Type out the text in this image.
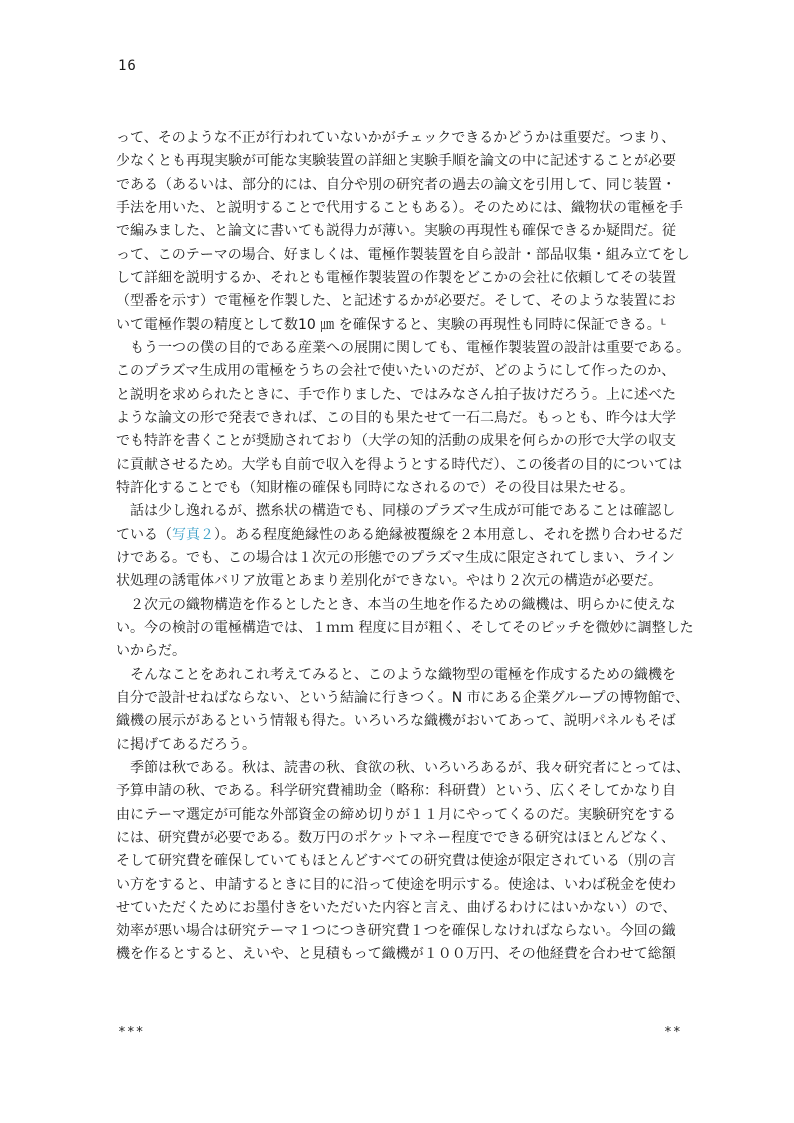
16
って、そのような不正が行われていないかがチェックできるかどうかは重要だ。つまり、
少なくとも再現実験が可能な実験装置の詳細と実験手順を論文の中に記述することが必要
である（あるいは、部分的には、自分や別の研究者の過去の論文を引用して、同じ装置・
手法を用いた、と説明することで代用することもある）。そのためには、織物状の電極を手
で編みました、と論文に書いても説得力が薄い。実験の再現性も確保できるか疑問だ。従
って、このテーマの場合、好ましくは、電極作製装置を自ら設計・部品収集・組み立てをし
して詳細を説明するか、それとも電極作製装置の作製をどこかの会社に依頼してその装置
（型番を示す）で電極を作製した、と記述するかが必要だ。そして、そのような装置にお
いて電極作製の精度として数10 ㎛ を確保すると、実験の再現性も同時に保証できる。ᴸ
　もう一つの僕の目的である産業への展開に関しても、電極作製装置の設計は重要である。
このプラズマ生成用の電極をうちの会社で使いたいのだが、どのようにして作ったのか、
と説明を求められたときに、手で作りました、ではみなさん拍子抜けだろう。上に述べた
ような論文の形で発表できれば、この目的も果たせて一石二鳥だ。もっとも、昨今は大学
でも特許を書くことが奨励されており（大学の知的活動の成果を何らかの形で大学の収支
に貢献させるため。大学も自前で収入を得ようとする時代だ）、この後者の目的については
特許化することでも（知財権の確保も同時になされるので）その役目は果たせる。
　話は少し逸れるが、撚糸状の構造でも、同様のプラズマ生成が可能であることは確認し
ている（写真２）。ある程度絶縁性のある絶縁被覆線を２本用意し、それを撚り合わせるだ
けである。でも、この場合は１次元の形態でのプラズマ生成に限定されてしまい、ライン
状処理の誘電体バリア放電とあまり差別化ができない。やはり２次元の構造が必要だ。
　２次元の織物構造を作るとしたとき、本当の生地を作るための織機は、明らかに使えな
い。今の検討の電極構造では、１ｍｍ 程度に目が粗く、そしてそのピッチを微妙に調整した
いからだ。
　そんなことをあれこれ考えてみると、このような織物型の電極を作成するための織機を
自分で設計せねばならない、という結論に行きつく。N 市にある企業グループの博物館で、
織機の展示があるという情報も得た。いろいろな織機がおいてあって、説明パネルもそば
に掲げてあるだろう。
　季節は秋である。秋は、読書の秋、食欲の秋、いろいろあるが、我々研究者にとっては、
予算申請の秋、である。科学研究費補助金（略称：科研費）という、広くそしてかなり自
由にテーマ選定が可能な外部資金の締め切りが１１月にやってくるのだ。実験研究をする
には、研究費が必要である。数万円のポケットマネー程度でできる研究はほとんどなく、
そして研究費を確保していてもほとんどすべての研究費は使途が限定されている（別の言
い方をすると、申請するときに目的に沿って使途を明示する。使途は、いわば税金を使わ
せていただくためにお墨付きをいただいた内容と言え、曲げるわけにはいかない）ので、
効率が悪い場合は研究テーマ１つにつき研究費１つを確保しなければならない。今回の織
機を作るとすると、えいや、と見積もって織機が１００万円、その他経費を合わせて総額
***	**
